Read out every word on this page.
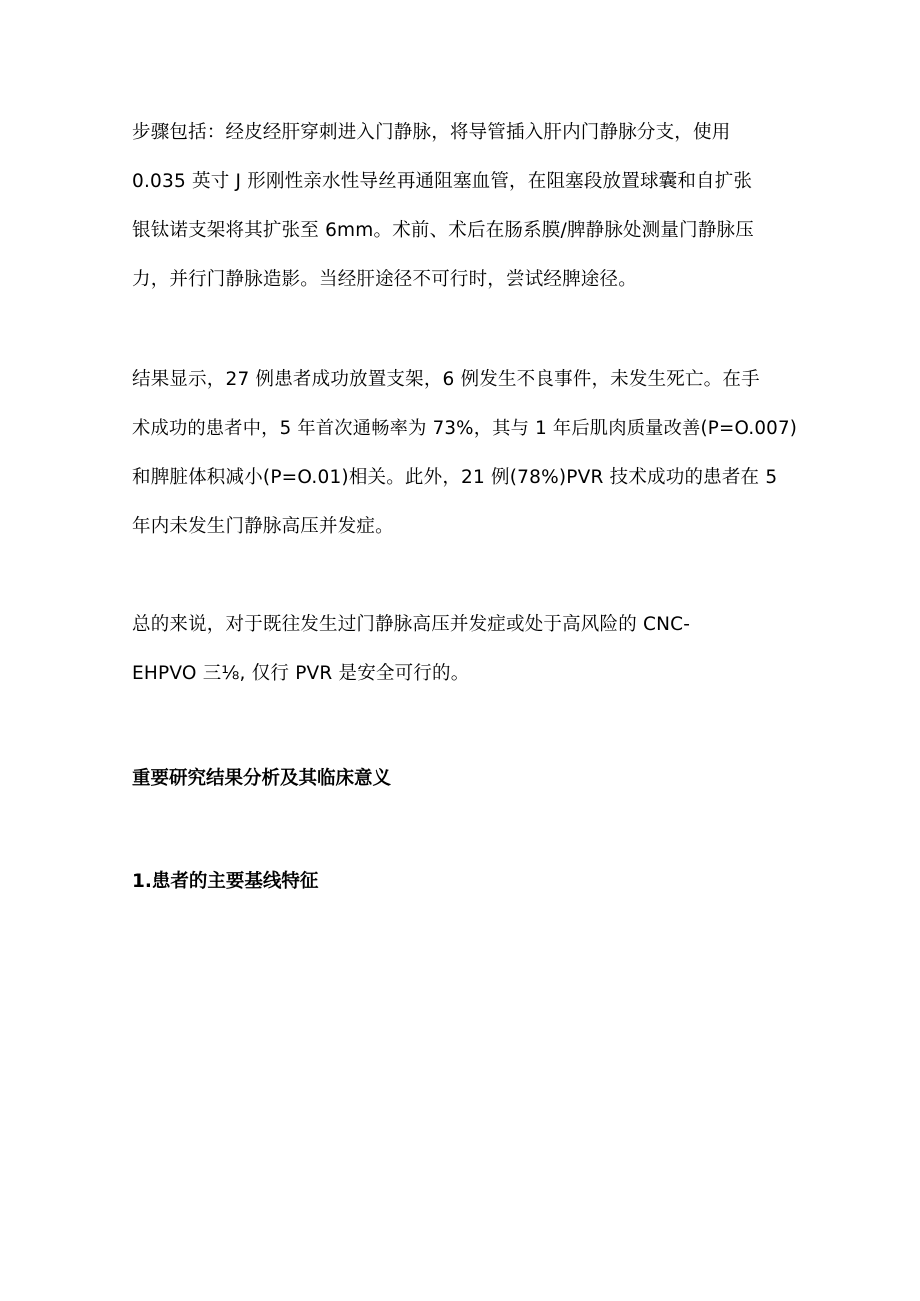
步骤包括：经皮经肝穿刺进入门静脉，将导管插入肝内门静脉分支，使用
0.035 英寸 J 形刚性亲水性导丝再通阻塞血管，在阻塞段放置球囊和自扩张
银钛诺支架将其扩张至 6mm。术前、术后在肠系膜/脾静脉处测量门静脉压
力，并行门静脉造影。当经肝途径不可行时，尝试经脾途径。

结果显示，27 例患者成功放置支架，6 例发生不良事件，未发生死亡。在手
术成功的患者中，5 年首次通畅率为 73%，其与 1 年后肌肉质量改善(P=O.007)
和脾脏体积减小(P=O.01)相关。此外，21 例(78%)PVR 技术成功的患者在 5
年内未发生门静脉高压并发症。

总的来说，对于既往发生过门静脉高压并发症或处于高风险的 CNC-
EHPVO 三⅛, 仅行 PVR 是安全可行的。

重要研究结果分析及其临床意义
1.患者的主要基线特征
